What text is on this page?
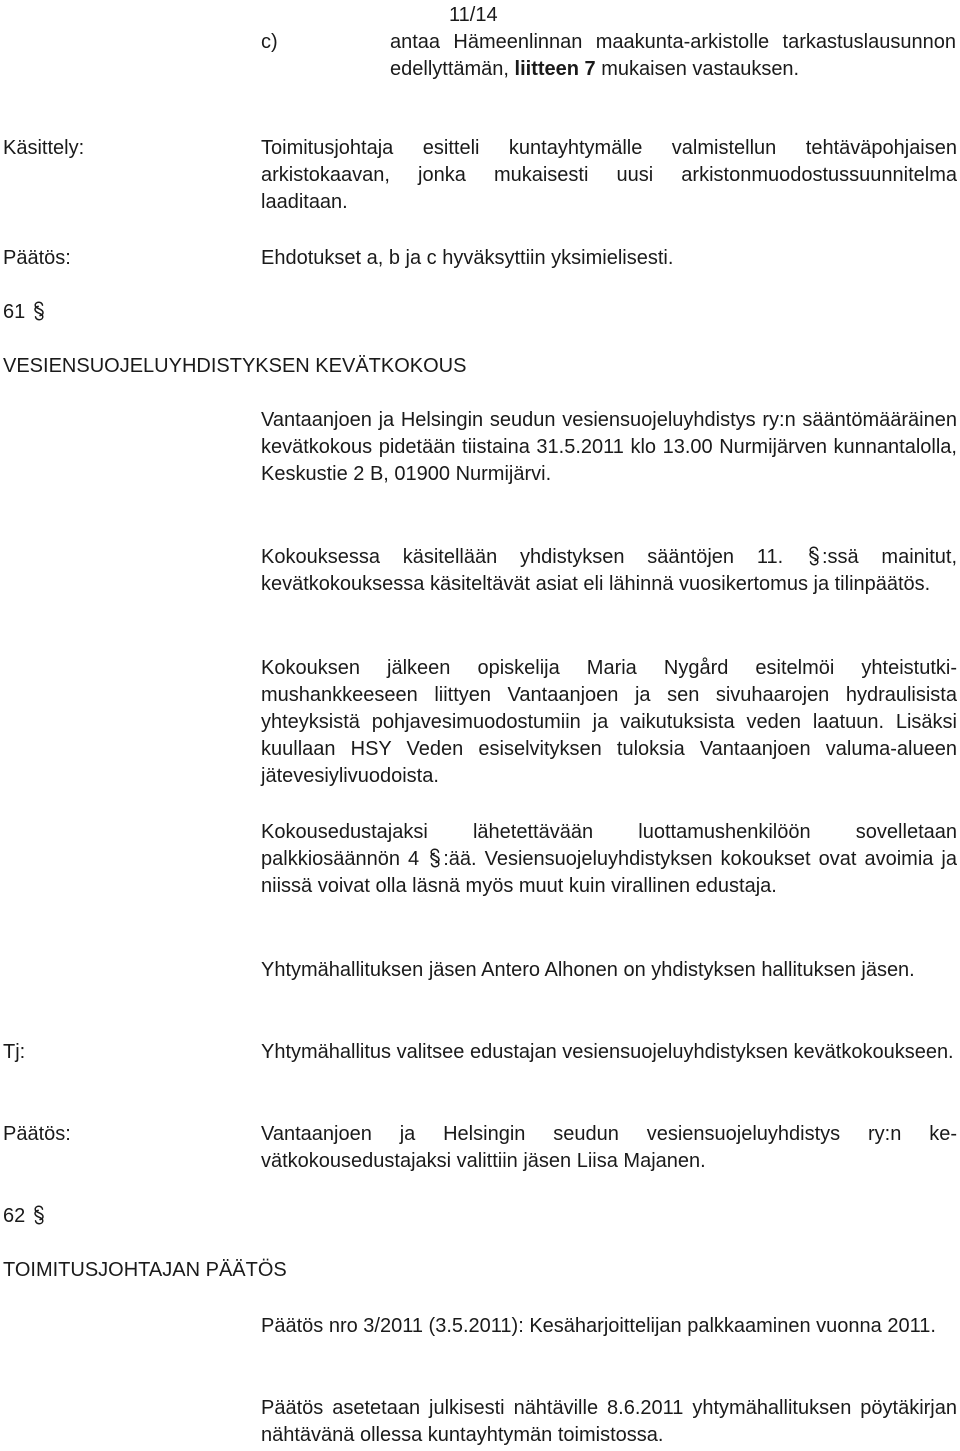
11/14
c)	antaa Hämeenlinnan maakunta-arkistolle tarkastuslausunnon edellyttämän, liitteen 7 mukaisen vastauksen.
Käsittely:	Toimitusjohtaja esitteli kuntayhtymälle valmistellun tehtäväpohjaisen arkistokaavan, jonka mukaisesti uusi arkistonmuodostussuunnitelma laaditaan.
Päätös:	Ehdotukset a, b ja c hyväksyttiin yksimielisesti.
61
VESIENSUOJELUYHDISTYKSEN KEVÄTKOKOUS
Vantaanjoen ja Helsingin seudun vesiensuojeluyhdistys ry:n sääntömääräinen kevätkokous pidetään tiistaina 31.5.2011 klo 13.00 Nurmijärven kunnantalolla, Keskustie 2 B, 01900 Nurmijärvi.
Kokouksessa käsitellään yhdistyksen sääntöjen 11. :ssä mainitut, kevätkokouksessa käsiteltävät asiat eli lähinnä vuosikertomus ja tilinpäätös.
Kokouksen jälkeen opiskelija Maria Nygård esitelmöi yhteistutkimushankkeeseen liittyen Vantaanjoen ja sen sivuhaarojen hydraulisista yhteyksistä pohjavesimuodostumiin ja vaikutuksista veden laatuun. Lisäksi kuullaan HSY Veden esiselvityksen tuloksia Vantaanjoen valuma-alueen jätevesiylivuodoista.
Kokousedustajaksi lähetettävään luottamushenkilöön sovelletaan palkkiosäännön 4 :ää. Vesiensuojeluyhdistyksen kokoukset ovat avoimia ja niissä voivat olla läsnä myös muut kuin virallinen edustaja.
Yhtymähallituksen jäsen Antero Alhonen on yhdistyksen hallituksen jäsen.
Tj:	Yhtymähallitus valitsee edustajan vesiensuojeluyhdistyksen kevätkokoukseen.
Päätös:	Vantaanjoen ja Helsingin seudun vesiensuojeluyhdistys ry:n kevätkokousedustajaksi valittiin jäsen Liisa Majanen.
62
TOIMITUSJOHTAJAN PÄÄTÖS
Päätös nro 3/2011 (3.5.2011): Kesäharjoittelijan palkkaaminen vuonna 2011.
Päätös asetetaan julkisesti nähtäville 8.6.2011 yhtymähallituksen pöytäkirjan nähtävänä ollessa kuntayhtymän toimistossa.
